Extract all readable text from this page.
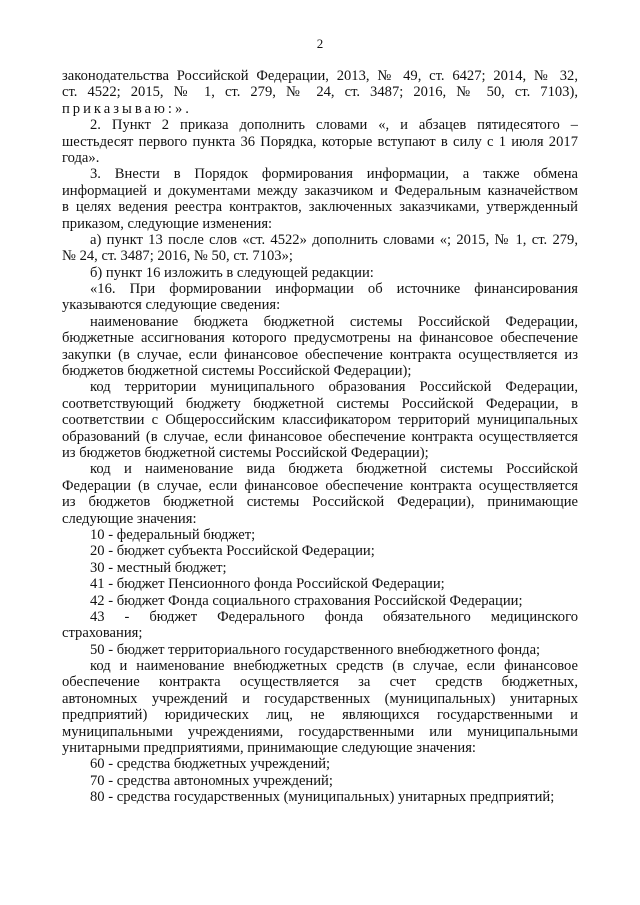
2
законодательства Российской Федерации, 2013, № 49, ст. 6427; 2014, № 32,
ст. 4522; 2015, № 1, ст. 279, № 24, ст. 3487; 2016, № 50, ст. 7103),
приказываю:».
2. Пункт 2 приказа дополнить словами «, и абзацев пятидесятого –
шестьдесят первого пункта 36 Порядка, которые вступают в силу с 1 июля 2017
года».
3. Внести в Порядок формирования информации, а также обмена
информацией и документами между заказчиком и Федеральным казначейством
в целях ведения реестра контрактов, заключенных заказчиками, утвержденный
приказом, следующие изменения:
а) пункт 13 после слов «ст. 4522» дополнить словами «; 2015, № 1, ст. 279,
№ 24, ст. 3487; 2016, № 50, ст. 7103»;
б) пункт 16 изложить в следующей редакции:
«16. При формировании информации об источнике финансирования
указываются следующие сведения:
наименование бюджета бюджетной системы Российской Федерации,
бюджетные ассигнования которого предусмотрены на финансовое обеспечение
закупки (в случае, если финансовое обеспечение контракта осуществляется из
бюджетов бюджетной системы Российской Федерации);
код территории муниципального образования Российской Федерации,
соответствующий бюджету бюджетной системы Российской Федерации, в
соответствии с Общероссийским классификатором территорий муниципальных
образований (в случае, если финансовое обеспечение контракта осуществляется
из бюджетов бюджетной системы Российской Федерации);
код и наименование вида бюджета бюджетной системы Российской
Федерации (в случае, если финансовое обеспечение контракта осуществляется
из бюджетов бюджетной системы Российской Федерации), принимающие
следующие значения:
10 - федеральный бюджет;
20 - бюджет субъекта Российской Федерации;
30 - местный бюджет;
41 - бюджет Пенсионного фонда Российской Федерации;
42 - бюджет Фонда социального страхования Российской Федерации;
43 - бюджет Федерального фонда обязательного медицинского
страхования;
50 - бюджет территориального государственного внебюджетного фонда;
код и наименование внебюджетных средств (в случае, если финансовое
обеспечение контракта осуществляется за счет средств бюджетных,
автономных учреждений и государственных (муниципальных) унитарных
предприятий) юридических лиц, не являющихся государственными и
муниципальными учреждениями, государственными или муниципальными
унитарными предприятиями, принимающие следующие значения:
60 - средства бюджетных учреждений;
70 - средства автономных учреждений;
80 - средства государственных (муниципальных) унитарных предприятий;
